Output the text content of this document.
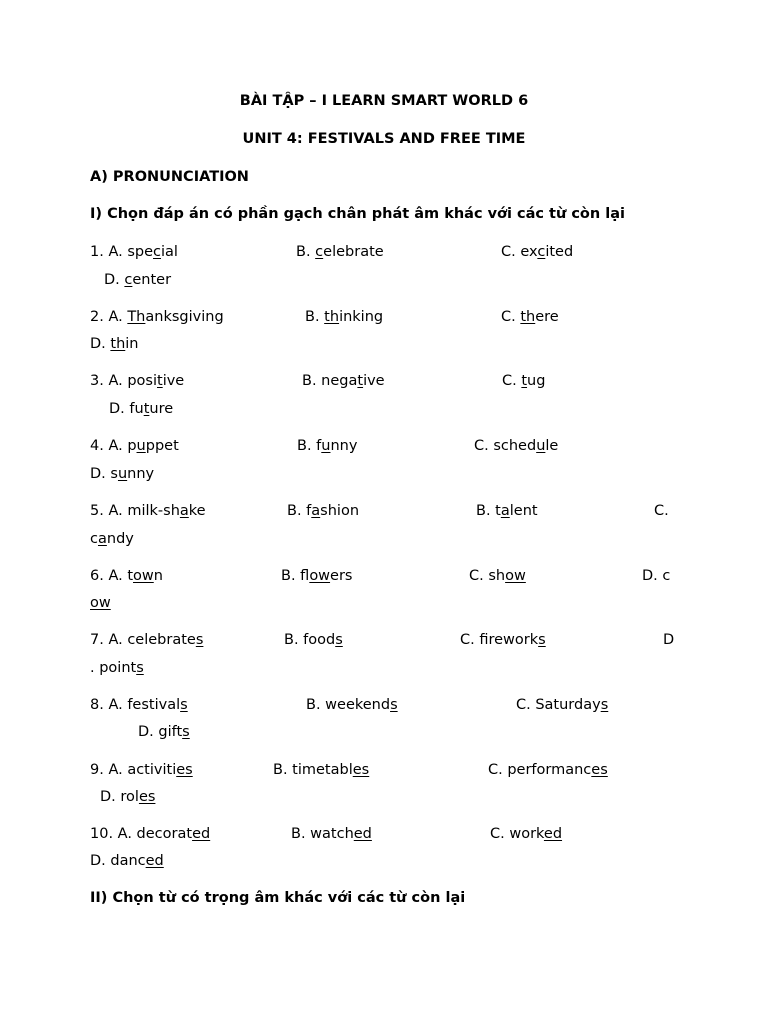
BÀI TẬP – I LEARN SMART WORLD 6
UNIT 4: FESTIVALS AND FREE TIME
A) PRONUNCIATION
I) Chọn đáp án có phần gạch chân phát âm khác với các từ còn lại
1. A. special	B. celebrate	C. excited
D. center
2. A. Thanksgiving	B. thinking	C. there
D. thin
3. A. positive	B. negative	C. tug
D. future
4. A. puppet	B. funny	C. schedule
D. sunny
5. A. milk-shake	B. fashion	B. talent	C.
candy
6. A. town	B. flowers	C. show	D. c
ow
7. A. celebrates	B. foods	C. fireworks	D
. points
8. A. festivals	B. weekends	C. Saturdays
D. gifts
9. A. activities	B. timetables	C. performances
D. roles
10. A. decorated	B. watched	C. worked
D. danced
II) Chọn từ có trọng âm khác với các từ còn lại
